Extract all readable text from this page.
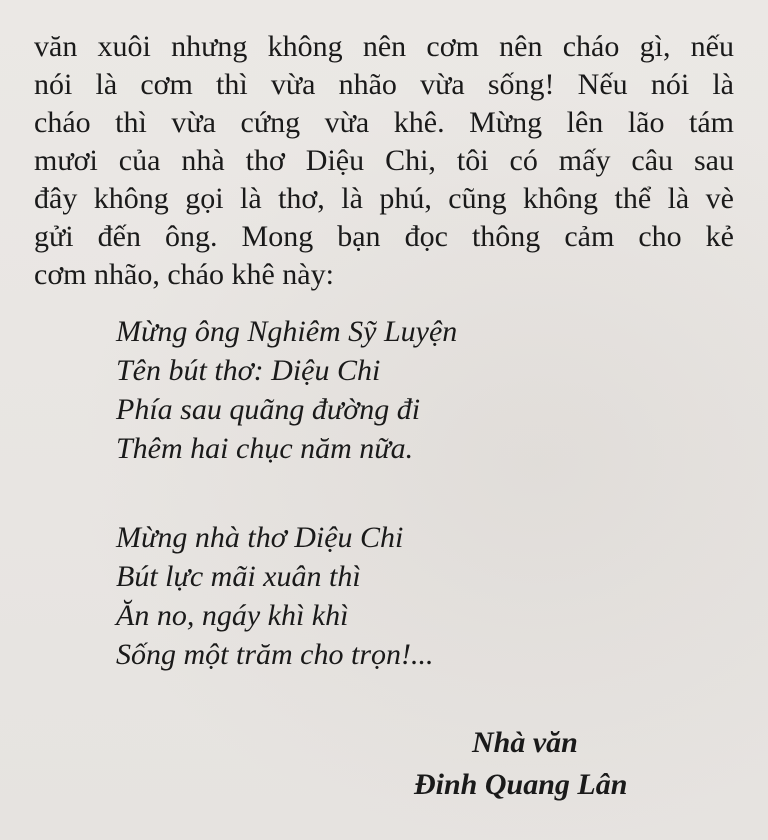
văn xuôi nhưng không nên cơm nên cháo gì, nếu
nói là cơm thì vừa nhão vừa sống! Nếu nói là
cháo thì vừa cứng vừa khê. Mừng lên lão tám
mươi của nhà thơ Diệu Chi, tôi có mấy câu sau
đây không gọi là thơ, là phú, cũng không thể là vè
gửi đến ông. Mong bạn đọc thông cảm cho kẻ
cơm nhão, cháo khê này:
Mừng ông Nghiêm Sỹ Luyện
Tên bút thơ: Diệu Chi
Phía sau quãng đường đi
Thêm hai chục năm nữa.
Mừng nhà thơ Diệu Chi
Bút lực mãi xuân thì
Ăn no, ngáy khì khì
Sống một trăm cho trọn!...
Nhà văn
Đinh Quang Lân
